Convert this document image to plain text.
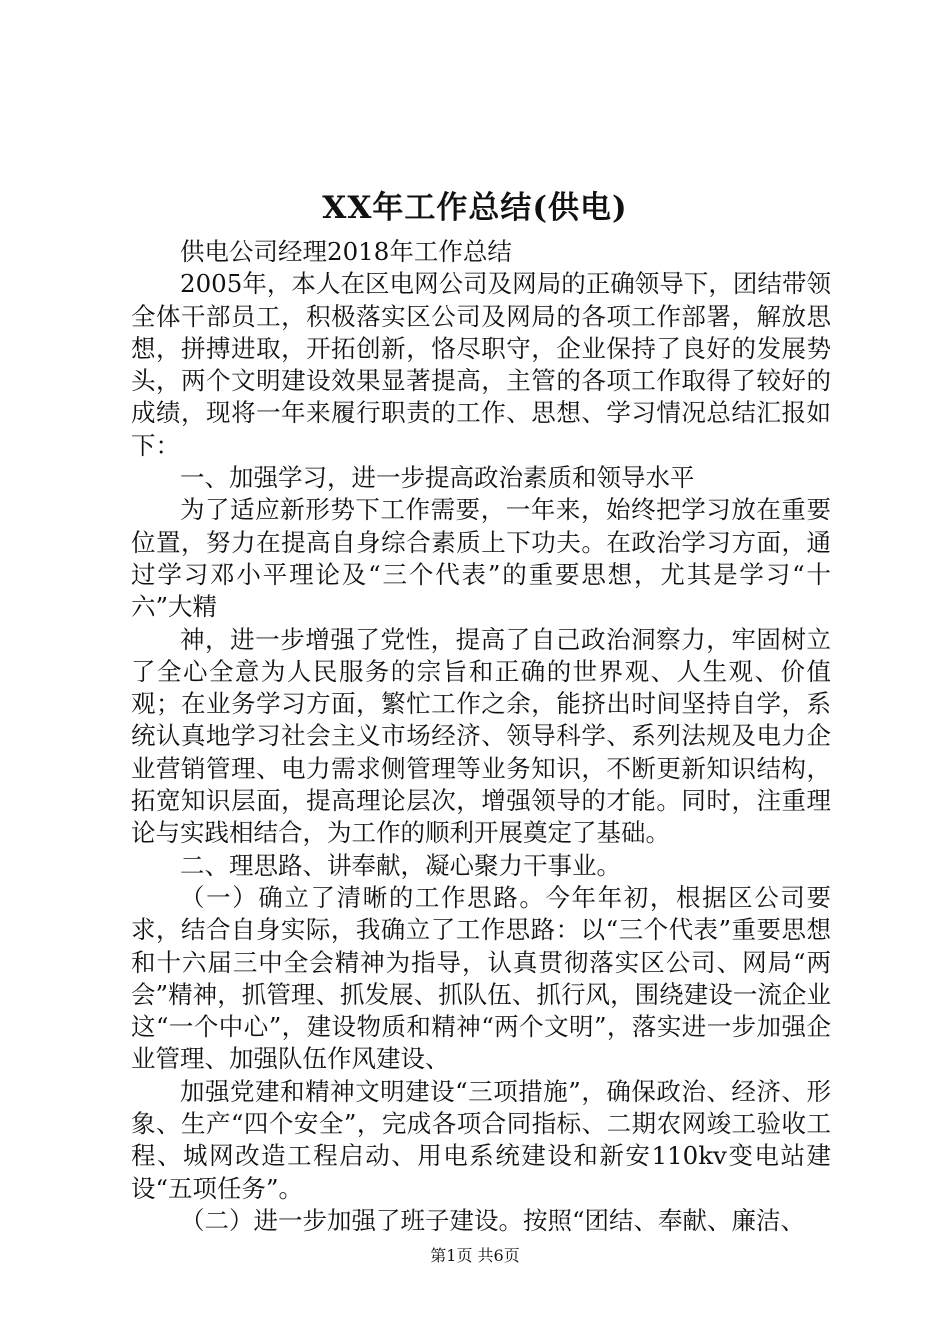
XX年工作总结(供电)

供电公司经理2018年工作总结

2005年，本人在区电网公司及网局的正确领导下，团结带领全体干部员工，积极落实区公司及网局的各项工作部署，解放思想，拼搏进取，开拓创新，恪尽职守，企业保持了良好的发展势头，两个文明建设效果显著提高，主管的各项工作取得了较好的成绩，现将一年来履行职责的工作、思想、学习情况总结汇报如下：

一、加强学习，进一步提高政治素质和领导水平

为了适应新形势下工作需要，一年来，始终把学习放在重要位置，努力在提高自身综合素质上下功夫。在政治学习方面，通过学习邓小平理论及“三个代表”的重要思想，尤其是学习“十六”大精

神，进一步增强了党性，提高了自己政治洞察力，牢固树立了全心全意为人民服务的宗旨和正确的世界观、人生观、价值观；在业务学习方面，繁忙工作之余，能挤出时间坚持自学，系统认真地学习社会主义市场经济、领导科学、系列法规及电力企业营销管理、电力需求侧管理等业务知识，不断更新知识结构，拓宽知识层面，提高理论层次，增强领导的才能。同时，注重理论与实践相结合，为工作的顺利开展奠定了基础。

二、理思路、讲奉献，凝心聚力干事业。

（一）确立了清晰的工作思路。今年年初，根据区公司要求，结合自身实际，我确立了工作思路：以“三个代表”重要思想和十六届三中全会精神为指导，认真贯彻落实区公司、网局“两会”精神，抓管理、抓发展、抓队伍、抓行风，围绕建设一流企业这“一个中心”，建设物质和精神“两个文明”，落实进一步加强企业管理、加强队伍作风建设、

加强党建和精神文明建设“三项措施”，确保政治、经济、形象、生产“四个安全”，完成各项合同指标、二期农网竣工验收工程、城网改造工程启动、用电系统建设和新安110kv变电站建设“五项任务”。

（二）进一步加强了班子建设。按照“团结、奉献、廉洁、

第1页 共6页
